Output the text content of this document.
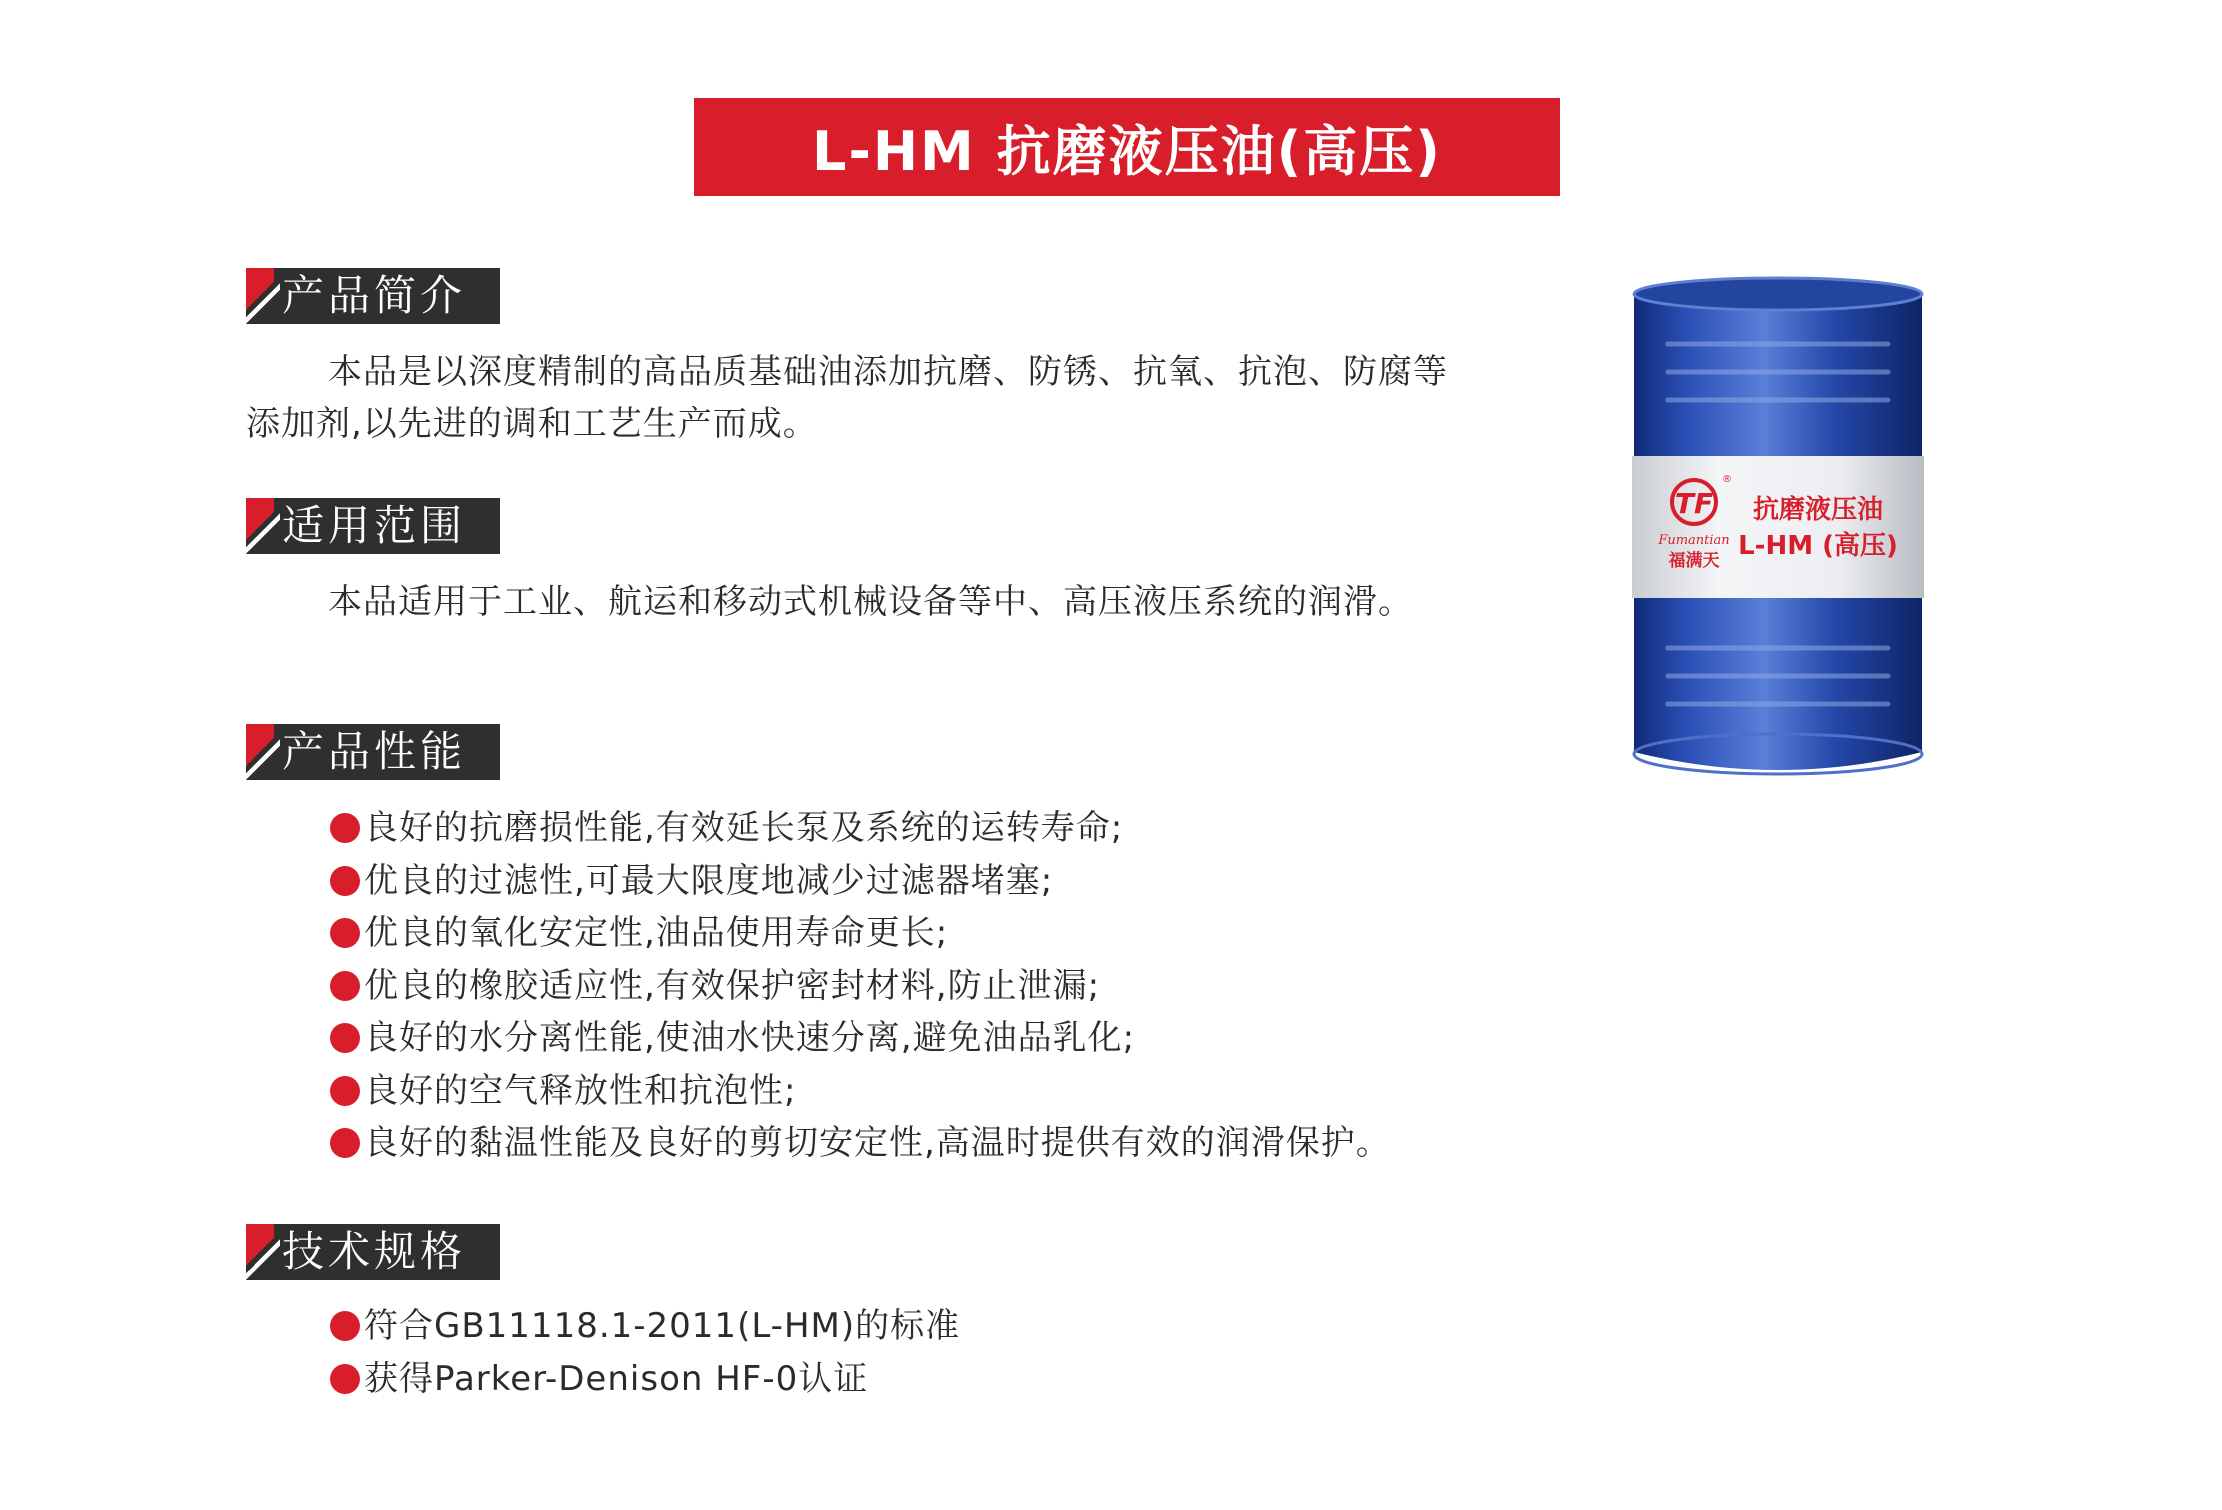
L-HM 抗磨液压油(高压)
产品简介

本品是以深度精制的高品质基础油添加抗磨、防锈、抗氧、抗泡、防腐等添加剂,以先进的调和工艺生产而成。

适用范围

本品适用于工业、航运和移动式机械设备等中、高压液压系统的润滑。

产品性能
良好的抗磨损性能,有效延长泵及系统的运转寿命;
优良的过滤性,可最大限度地减少过滤器堵塞;
优良的氧化安定性,油品使用寿命更长;
优良的橡胶适应性,有效保护密封材料,防止泄漏;
良好的水分离性能,使油水快速分离,避免油品乳化;
良好的空气释放性和抗泡性;
良好的黏温性能及良好的剪切安定性,高温时提供有效的润滑保护。
技术规格
符合GB11118.1-2011(L-HM)的标准
获得Parker-Denison HF-0认证
TF
®
Fumantian
福满天
抗磨液压油
L-HM (高压)
